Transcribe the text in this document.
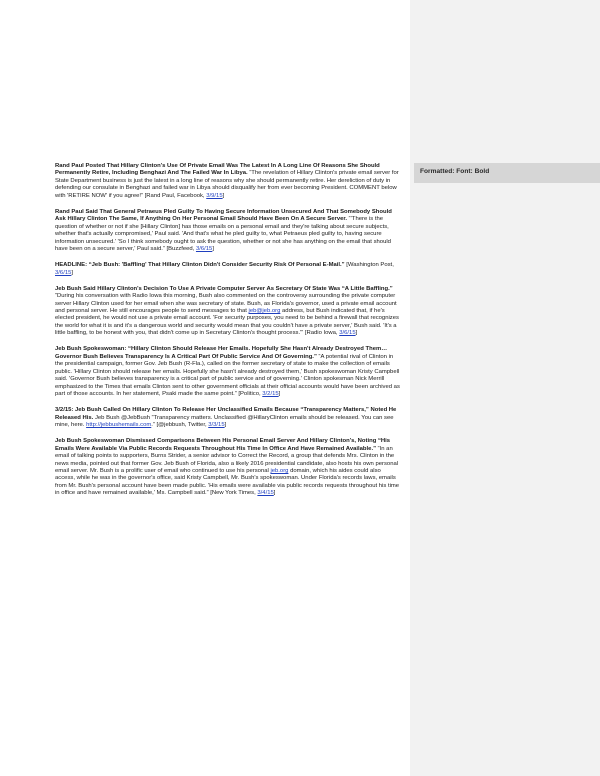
Rand Paul Posted That Hillary Clinton's Use Of Private Email Was The Latest In A Long Line Of Reasons She Should Permanently Retire, Including Benghazi And The Failed War In Libya. “The revelation of Hillary Clinton's private email server for State Department business is just the latest in a long line of reasons why she should permanently retire. Her dereliction of duty in defending our consulate in Benghazi and failed war in Libya should disqualify her from ever becoming President. COMMENT below with 'RETIRE NOW' if you agree!” [Rand Paul, Facebook, 3/9/15]

Rand Paul Said That General Petraeus Pled Guilty To Having Secure Information Unsecured And That Somebody Should Ask Hillary Clinton The Same, If Anything On Her Personal Email Should Have Been On A Secure Server. “‘There is the question of whether or not if she [Hillary Clinton] has those emails on a personal email and they're talking about secure subjects, whether that's actually compromised,' Paul said. 'And that's what he pled guilty to, what Petraeus pled guilty to, having secure information unsecured.' 'So I think somebody ought to ask the question, whether or not she has anything on the email that should have been on a secure server,' Paul said.” [Buzzfeed, 3/6/15]

HEADLINE: “Jeb Bush: 'Baffling' That Hillary Clinton Didn't Consider Security Risk Of Personal E-Mail.” [Washington Post, 3/6/15]

Jeb Bush Said Hillary Clinton's Decision To Use A Private Computer Server As Secretary Of State Was “A Little Baffling.” “During his conversation with Radio Iowa this morning, Bush also commented on the controversy surrounding the private computer server Hillary Clinton used for her email when she was secretary of state. Bush, as Florida's governor, used a private email account and personal server. He still encourages people to send messages to that jeb@jeb.org address, but Bush indicated that, if he's elected president, he would not use a private email account. 'For security purposes, you need to be behind a firewall that recognizes the world for what it is and it's a dangerous world and security would mean that you couldn't have a private server,' Bush said. 'It's a little baffling, to be honest with you, that didn't come up in Secretary Clinton's thought process.'” [Radio Iowa, 3/6/15]

Jeb Bush Spokeswoman: “Hillary Clinton Should Release Her Emails. Hopefully She Hasn't Already Destroyed Them…Governor Bush Believes Transparency Is A Critical Part Of Public Service And Of Governing.” “A potential rival of Clinton in the presidential campaign, former Gov. Jeb Bush (R-Fla.), called on the former secretary of state to make the collection of emails public. 'Hillary Clinton should release her emails. Hopefully she hasn't already destroyed them,' Bush spokeswoman Kristy Campbell said. 'Governor Bush believes transparency is a critical part of public service and of governing.' Clinton spokesman Nick Merrill emphasized to the Times that emails Clinton sent to other government officials at their official accounts would have been archived as part of those accounts. In her statement, Psaki made the same point.” [Politico, 3/2/15]

3/2/15: Jeb Bush Called On Hillary Clinton To Release Her Unclassified Emails Because “Transparency Matters,” Noted He Released His. Jeb Bush @JebBush “Transparency matters. Unclassified @HillaryClinton emails should be released. You can see mine, here. http://jebbushemails.com.” [@jebbush, Twitter, 3/3/15]

Jeb Bush Spokeswoman Dismissed Comparisons Between His Personal Email Server And Hillary Clinton's, Noting “His Emails Were Available Via Public Records Requests Throughout His Time In Office And Have Remained Available.” “In an email of talking points to supporters, Burns Strider, a senior advisor to Correct the Record, a group that defends Mrs. Clinton in the news media, pointed out that former Gov. Jeb Bush of Florida, also a likely 2016 presidential candidate, also hosts his own personal email server. Mr. Bush is a prolific user of email who continued to use his personal jeb.org domain, which his aides could also access, while he was in the governor's office, said Kristy Campbell, Mr. Bush's spokeswoman. Under Florida's records laws, emails from Mr. Bush's personal account have been made public. 'His emails were available via public records requests throughout his time in office and have remained available,' Ms. Campbell said.” [New York Times, 3/4/15]

Formatted: Font: Bold
